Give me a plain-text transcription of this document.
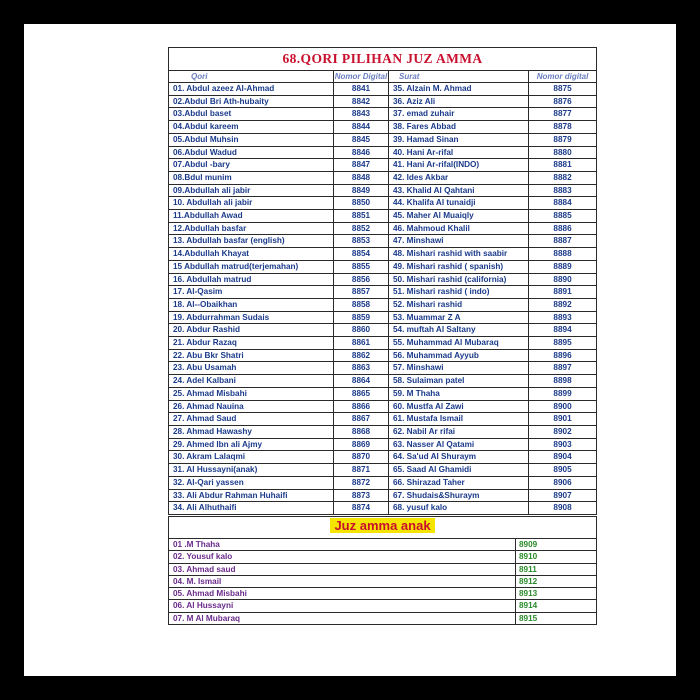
68.QORI PILIHAN JUZ AMMA			
Qori	Nomor Digital	Surat	Nomor digital
01. Abdul azeez Al-Ahmad	8841	35. Alzain M. Ahmad	8875
02.Abdul Bri Ath-hubaity	8842	36. Aziz Ali	8876
03.Abdul baset	8843	37. emad zuhair	8877
04.Abdul kareem	8844	38. Fares Abbad	8878
05.Abdul Muhsin	8845	39. Hamad Sinan	8879
06.Abdul Wadud	8846	40. Hani Ar-rifal	8880
07.Abdul -bary	8847	41. Hani Ar-rifal(INDO)	8881
08.Bdul munim	8848	42. Ides Akbar	8882
09.Abdullah ali jabir	8849	43. Khalid Al Qahtani	8883
10. Abdullah ali jabir	8850	44. Khalifa Al tunaidji	8884
11.Abdullah Awad	8851	45. Maher Al Muaiqly	8885
12.Abdullah basfar	8852	46. Mahmoud Khalil	8886
13. Abdullah basfar (english)	8853	47. Minshawi	8887
14.Abdullah Khayat	8854	48. Mishari rashid with saabir	8888
15 Abdullah matrud(terjemahan)	8855	49. Mishari rashid ( spanish)	8889
16. Abdullah matrud	8856	50. Mishari rashid (california)	8890
17. Al-Qasim	8857	51. Mishari rashid ( indo)	8891
18. Al--Obaikhan	8858	52. Mishari rashid	8892
19. Abdurrahman Sudais	8859	53. Muammar Z A	8893
20. Abdur Rashid	8860	54. muftah Al Saltany	8894
21. Abdur Razaq	8861	55. Muhammad Al Mubaraq	8895
22. Abu Bkr Shatri	8862	56. Muhammad Ayyub	8896
23. Abu Usamah	8863	57. Minshawi	8897
24. Adel Kalbani	8864	58. Sulaiman patel	8898
25. Ahmad Misbahi	8865	59. M Thaha	8899
26. Ahmad Nauina	8866	60. Mustfa Al Zawi	8900
27. Ahmad Saud	8867	61. Mustafa Ismail	8901
28. Ahmad Hawashy	8868	62. Nabil Ar rifai	8902
29. Ahmed Ibn ali Ajmy	8869	63. Nasser Al Qatami	8903
30. Akram Lalaqmi	8870	64. Sa'ud Al Shuraym	8904
31. Al Hussayni(anak)	8871	65. Saad Al Ghamidi	8905
32. Al-Qari yassen	8872	66. Shirazad Taher	8906
33. Ali Abdur Rahman Huhaifi	8873	67. Shudais&Shuraym	8907
34. Ali Alhuthaifi	8874	68. yusuf kalo	8908
Juz amma anak	
01 .M Thaha	8909
02. Yousuf kalo	8910
03. Ahmad saud	8911
04. M. Ismail	8912
05. Ahmad Misbahi	8913
06. Al Hussayni	8914
07. M Al Mubaraq	8915
